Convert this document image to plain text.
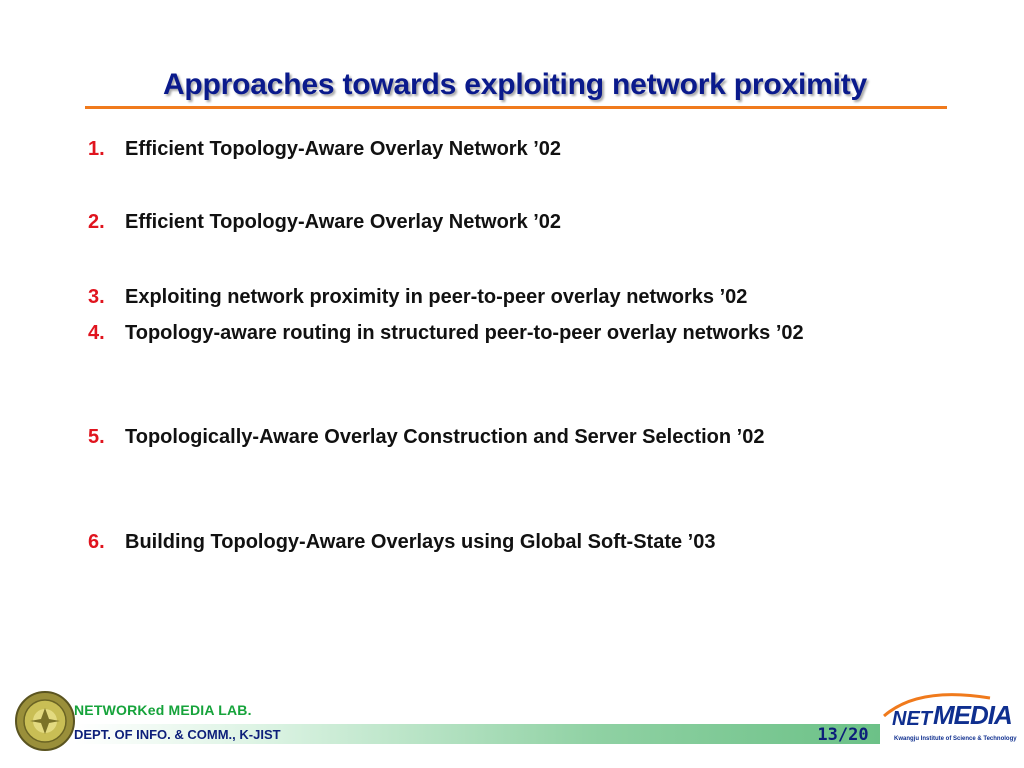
Approaches towards exploiting network proximity
1. Efficient Topology-Aware Overlay Network ’02
2. Efficient Topology-Aware Overlay Network ’02
3. Exploiting network proximity in peer-to-peer overlay networks ’02
4. Topology-aware routing in structured peer-to-peer overlay networks ’02
5. Topologically-Aware Overlay Construction and Server Selection ’02
6. Building Topology-Aware Overlays using Global Soft-State ’03
NETWORKed MEDIA LAB.
DEPT. OF INFO. & COMM., K-JIST	13/20
NET MEDIA
Kwangju Institute of Science & Technology
